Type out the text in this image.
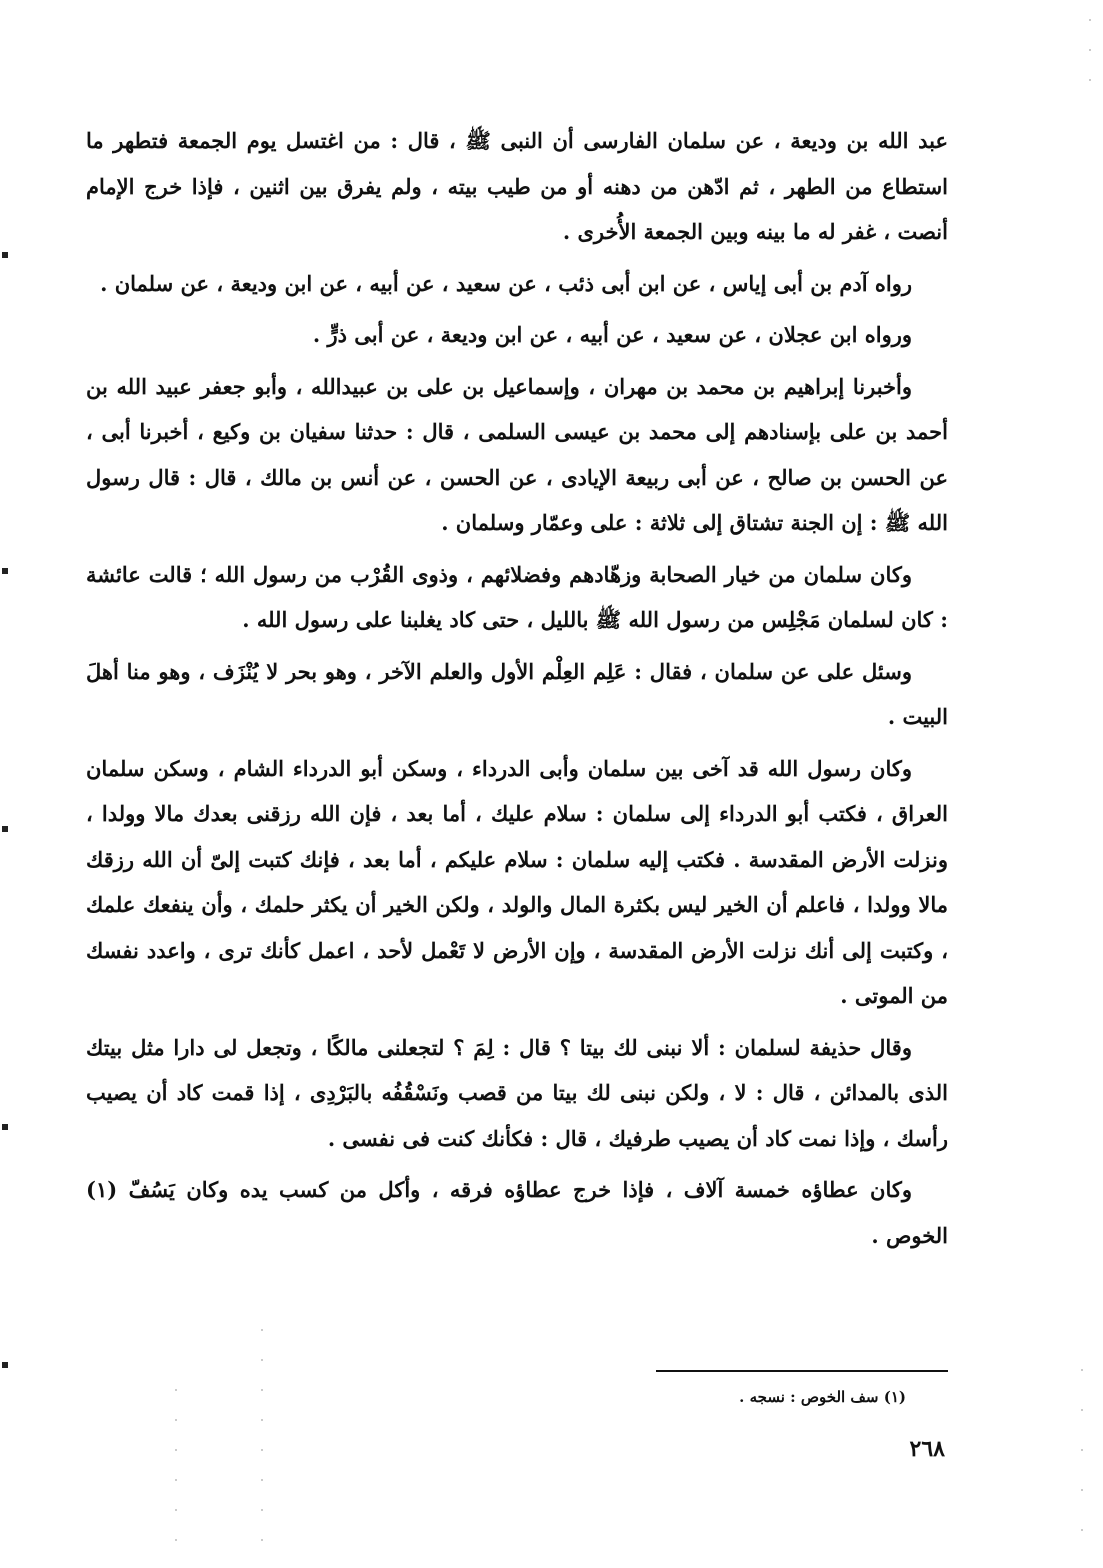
عبد الله بن وديعة ، عن سلمان الفارسى أن النبى ﷺ ، قال : من اغتسل يوم الجمعة فتطهر ما استطاع من الطهر ، ثم ادّهن من دهنه أو من طيب بيته ، ولم يفرق بين اثنين ، فإذا خرج الإمام أنصت ، غفر له ما بينه وبين الجمعة الأُخرى .

رواه آدم بن أبى إياس ، عن ابن أبى ذئب ، عن سعيد ، عن أبيه ، عن ابن وديعة ، عن سلمان .

ورواه ابن عجلان ، عن سعيد ، عن أبيه ، عن ابن وديعة ، عن أبى ذرٍّ .

وأخبرنا إبراهيم بن محمد بن مهران ، وإسماعيل بن على بن عبيدالله ، وأبو جعفر عبيد الله بن أحمد بن على بإسنادهم إلى محمد بن عيسى السلمى ، قال : حدثنا سفيان بن وكيع ، أخبرنا أبى ، عن الحسن بن صالح ، عن أبى ربيعة الإيادى ، عن الحسن ، عن أنس بن مالك ، قال : قال رسول الله ﷺ : إن الجنة تشتاق إلى ثلاثة : على وعمّار وسلمان .

وكان سلمان من خيار الصحابة وزهّادهم وفضلائهم ، وذوى القُرْب من رسول الله ؛ قالت عائشة : كان لسلمان مَجْلِس من رسول الله ﷺ بالليل ، حتى كاد يغلبنا على رسول الله .

وسئل على عن سلمان ، فقال : عَلِم العِلْم الأول والعلم الآخر ، وهو بحر لا يُنْزَف ، وهو منا أهلَ البيت .

وكان رسول الله قد آخى بين سلمان وأبى الدرداء ، وسكن أبو الدرداء الشام ، وسكن سلمان العراق ، فكتب أبو الدرداء إلى سلمان : سلام عليك ، أما بعد ، فإن الله رزقنى بعدك مالا وولدا ، ونزلت الأرض المقدسة . فكتب إليه سلمان : سلام عليكم ، أما بعد ، فإنك كتبت إلىّ أن الله رزقك مالا وولدا ، فاعلم أن الخير ليس بكثرة المال والولد ، ولكن الخير أن يكثر حلمك ، وأن ينفعك علمك ، وكتبت إلى أنك نزلت الأرض المقدسة ، وإن الأرض لا تَعْمل لأحد ، اعمل كأنك ترى ، واعدد نفسك من الموتى .

وقال حذيفة لسلمان : ألا نبنى لك بيتا ؟ قال : لِمَ ؟ لتجعلنى مالكًا ، وتجعل لى دارا مثل بيتك الذى بالمدائن ، قال : لا ، ولكن نبنى لك بيتا من قصب ونَسْقُفُه بالبَرْدِى ، إذا قمت كاد أن يصيب رأسك ، وإذا نمت كاد أن يصيب طرفيك ، قال : فكأنك كنت فى نفسى .

وكان عطاؤه خمسة آلاف ، فإذا خرج عطاؤه فرقه ، وأكل من كسب يده وكان يَسُفّ (١) الخوص .

(١) سف الخوص : نسجه .
٢٦٨
